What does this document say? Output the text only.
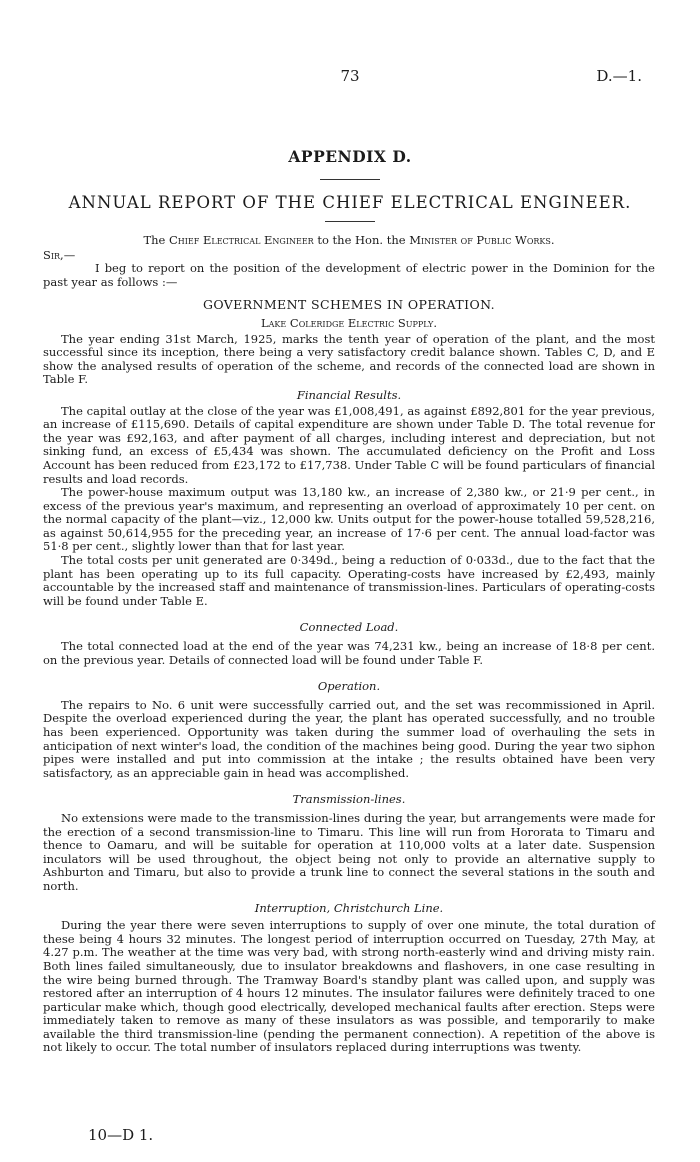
73	D.—1.
APPENDIX D.
ANNUAL REPORT OF THE CHIEF ELECTRICAL ENGINEER.

The Chief Electrical Engineer to the Hon. the Minister of Public Works.

Sir,—

I beg to report on the position of the development of electric power in the Dominion for the past year as follows :—

GOVERNMENT SCHEMES IN OPERATION.

Lake Coleridge Electric Supply.

The year ending 31st March, 1925, marks the tenth year of operation of the plant, and the most successful since its inception, there being a very satisfactory credit balance shown. Tables C, D, and E show the analysed results of operation of the scheme, and records of the connected load are shown in Table F.

Financial Results.

The capital outlay at the close of the year was £1,008,491, as against £892,801 for the year previous, an increase of £115,690. Details of capital expenditure are shown under Table D. The total revenue for the year was £92,163, and after payment of all charges, including interest and depreciation, but not sinking fund, an excess of £5,434 was shown. The accumulated deficiency on the Profit and Loss Account has been reduced from £23,172 to £17,738. Under Table C will be found particulars of financial results and load records.

The power-house maximum output was 13,180 kw., an increase of 2,380 kw., or 21·9 per cent., in excess of the previous year's maximum, and representing an overload of approximately 10 per cent. on the normal capacity of the plant—viz., 12,000 kw. Units output for the power-house totalled 59,528,216, as against 50,614,955 for the preceding year, an increase of 17·6 per cent. The annual load-factor was 51·8 per cent., slightly lower than that for last year.

The total costs per unit generated are 0·349d., being a reduction of 0·033d., due to the fact that the plant has been operating up to its full capacity. Operating-costs have increased by £2,493, mainly accountable by the increased staff and maintenance of transmission-lines. Particulars of operating-costs will be found under Table E.

Connected Load.

The total connected load at the end of the year was 74,231 kw., being an increase of 18·8 per cent. on the previous year. Details of connected load will be found under Table F.

Operation.

The repairs to No. 6 unit were successfully carried out, and the set was recommissioned in April. Despite the overload experienced during the year, the plant has operated successfully, and no trouble has been experienced. Opportunity was taken during the summer load of overhauling the sets in anticipation of next winter's load, the condition of the machines being good. During the year two siphon pipes were installed and put into commission at the intake ; the results obtained have been very satisfactory, as an appreciable gain in head was accomplished.

Transmission-lines.

No extensions were made to the transmission-lines during the year, but arrangements were made for the erection of a second transmission-line to Timaru. This line will run from Hororata to Timaru and thence to Oamaru, and will be suitable for operation at 110,000 volts at a later date. Suspension inculators will be used throughout, the object being not only to provide an alternative supply to Ashburton and Timaru, but also to provide a trunk line to connect the several stations in the south and north.

Interruption, Christchurch Line.

During the year there were seven interruptions to supply of over one minute, the total duration of these being 4 hours 32 minutes. The longest period of interruption occurred on Tuesday, 27th May, at 4.27 p.m. The weather at the time was very bad, with strong north-easterly wind and driving misty rain. Both lines failed simultaneously, due to insulator breakdowns and flashovers, in one case resulting in the wire being burned through. The Tramway Board's standby plant was called upon, and supply was restored after an interruption of 4 hours 12 minutes. The insulator failures were definitely traced to one particular make which, though good electrically, developed mechanical faults after erection. Steps were immediately taken to remove as many of these insulators as was possible, and temporarily to make available the third transmission-line (pending the permanent connection). A repetition of the above is not likely to occur. The total number of insulators replaced during interruptions was twenty.

10—D 1.
